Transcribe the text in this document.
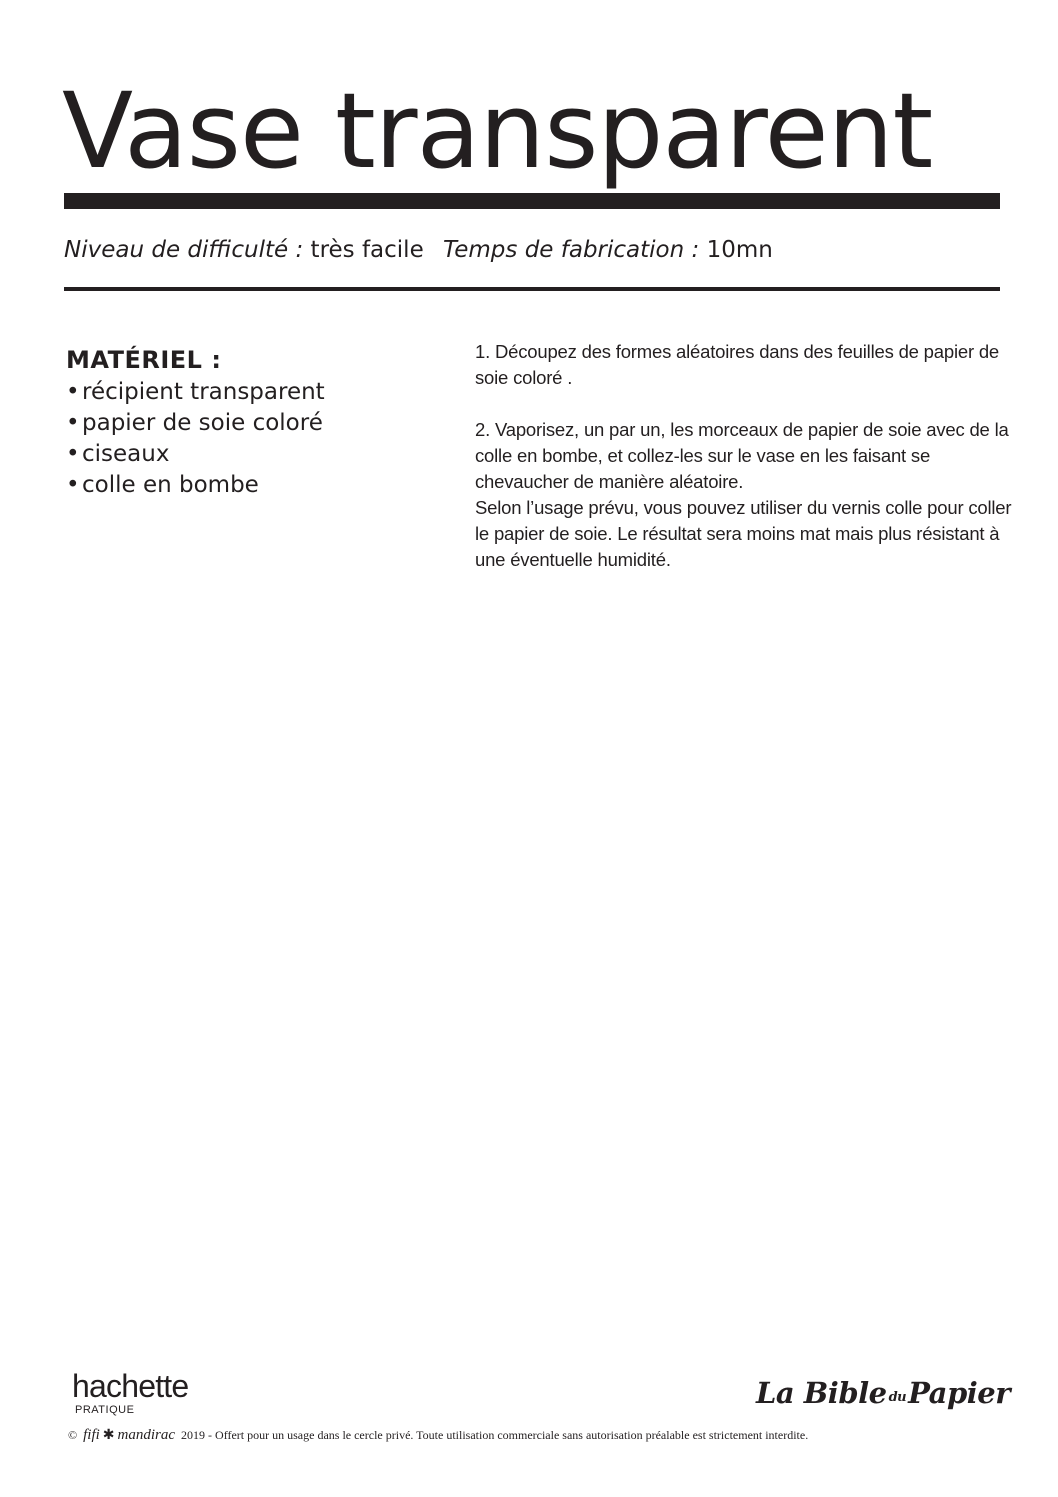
Vase transparent
Niveau de difficulté : très facile Temps de fabrication : 10mn
MATÉRIEL :
• récipient transparent
• papier de soie coloré
• ciseaux
• colle en bombe

1. Découpez des formes aléatoires dans des feuilles de papier de soie coloré .

2. Vaporisez, un par un, les morceaux de papier de soie avec de la colle en bombe, et collez-les sur le vase en les faisant se chevaucher de manière aléatoire.

Selon l’usage prévu, vous pouvez utiliser du vernis colle pour coller le papier de soie. Le résultat sera moins mat mais plus résistant à une éventuelle humidité.

hachette
PRATIQUE	La Bible duPapier
© fifi ✱ mandirac 2019 - Offert pour un usage dans le cercle privé. Toute utilisation commerciale sans autorisation préalable est strictement interdite.
